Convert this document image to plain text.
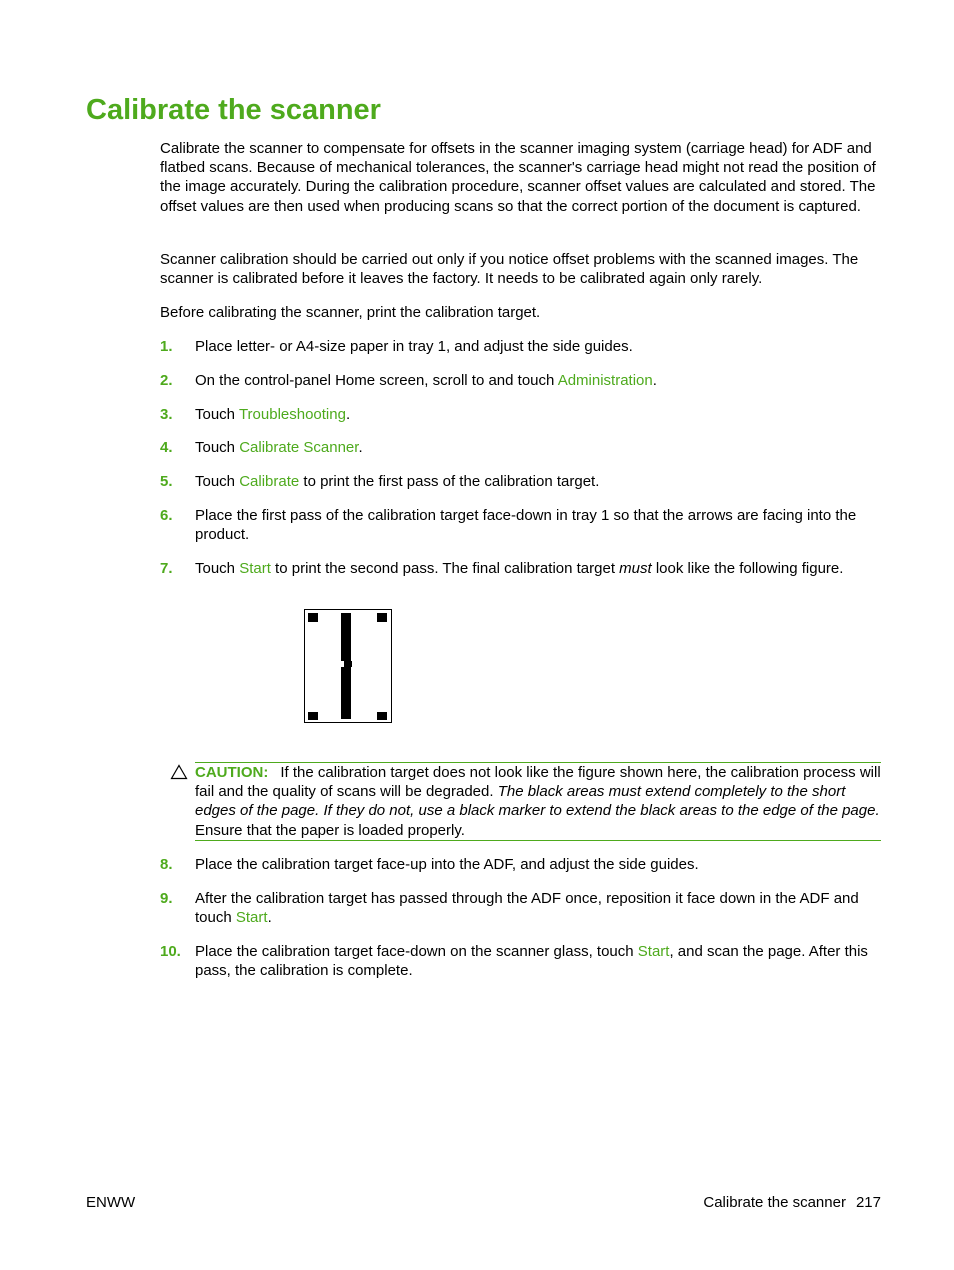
Calibrate the scanner

Calibrate the scanner to compensate for offsets in the scanner imaging system (carriage head) for ADF and flatbed scans. Because of mechanical tolerances, the scanner's carriage head might not read the position of the image accurately. During the calibration procedure, scanner offset values are calculated and stored. The offset values are then used when producing scans so that the correct portion of the document is captured.

Scanner calibration should be carried out only if you notice offset problems with the scanned images. The scanner is calibrated before it leaves the factory. It needs to be calibrated again only rarely.

Before calibrating the scanner, print the calibration target.

1. Place letter- or A4-size paper in tray 1, and adjust the side guides.
2. On the control-panel Home screen, scroll to and touch Administration.
3. Touch Troubleshooting.
4. Touch Calibrate Scanner.
5. Touch Calibrate to print the first pass of the calibration target.
6. Place the first pass of the calibration target face-down in tray 1 so that the arrows are facing into the product.
7. Touch Start to print the second pass. The final calibration target must look like the following figure.
CAUTION: If the calibration target does not look like the figure shown here, the calibration process will fail and the quality of scans will be degraded. The black areas must extend completely to the short edges of the page. If they do not, use a black marker to extend the black areas to the edge of the page. Ensure that the paper is loaded properly.
8. Place the calibration target face-up into the ADF, and adjust the side guides.
9. After the calibration target has passed through the ADF once, reposition it face down in the ADF and touch Start.
10. Place the calibration target face-down on the scanner glass, touch Start, and scan the page. After this pass, the calibration is complete.
ENWW	Calibrate the scanner 217
